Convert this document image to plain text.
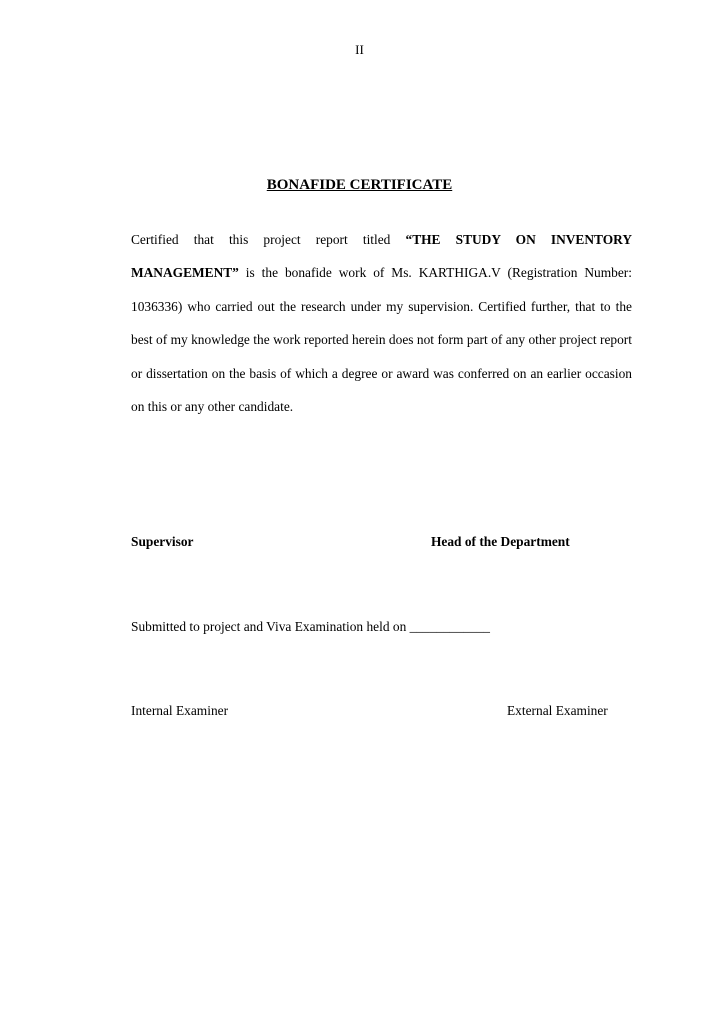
II
BONAFIDE CERTIFICATE

Certified that this project report titled “THE STUDY ON INVENTORY MANAGEMENT” is the bonafide work of Ms. KARTHIGA.V (Registration Number: 1036336) who carried out the research under my supervision. Certified further, that to the best of my knowledge the work reported herein does not form part of any other project report or dissertation on the basis of which a degree or award was conferred on an earlier occasion on this or any other candidate.

Supervisor	Head of the Department
Submitted to project and Viva Examination held on ____________
Internal Examiner	External Examiner
